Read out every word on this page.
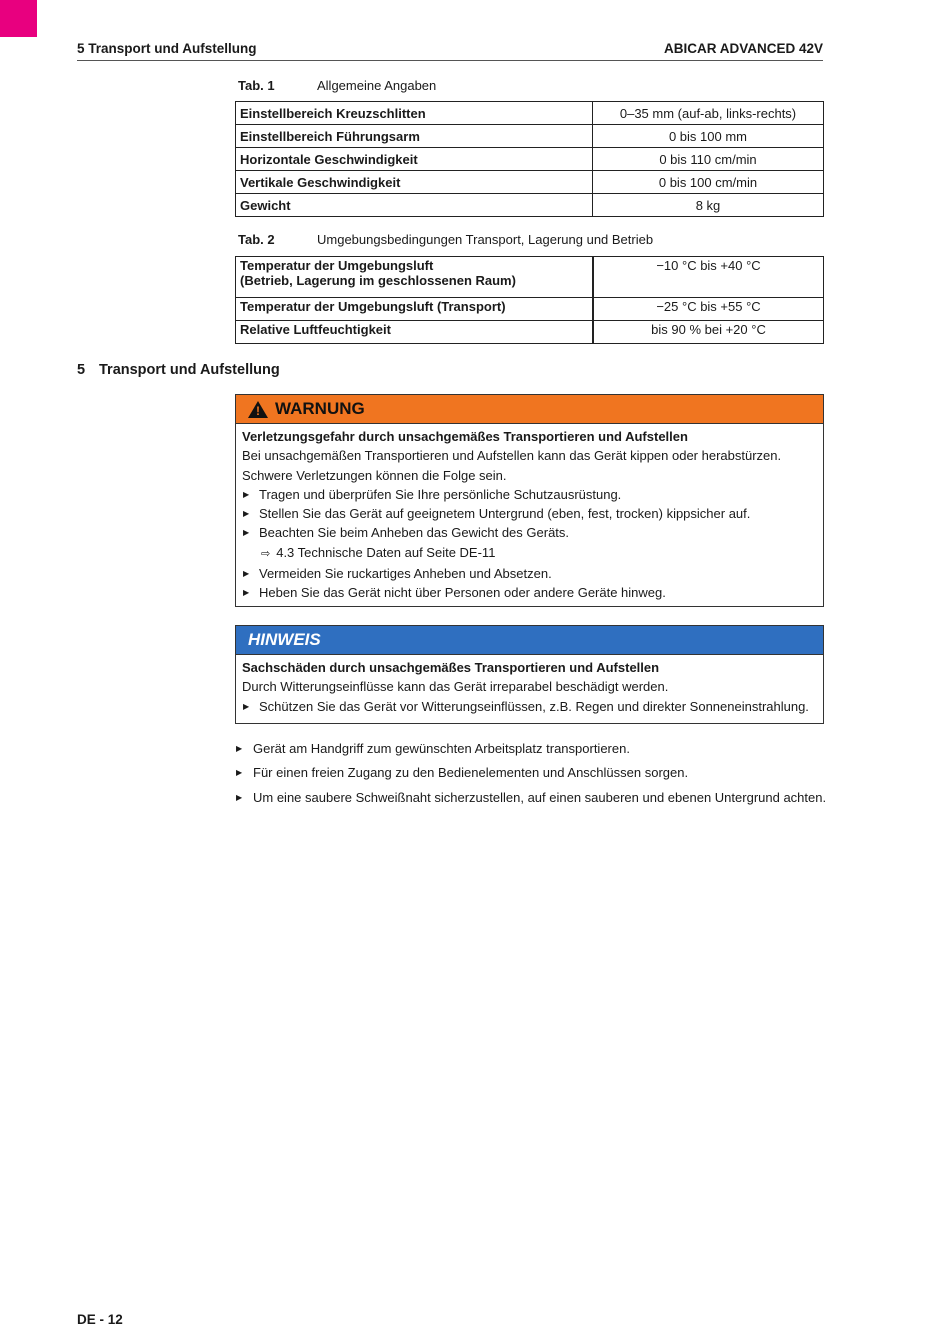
5 Transport und Aufstellung	ABICAR ADVANCED 42V
Tab. 1	Allgemeine Angaben
Einstellbereich Kreuzschlitten	0–35 mm (auf-ab, links-rechts)
Einstellbereich Führungsarm	0 bis 100 mm
Horizontale Geschwindigkeit	0 bis 110 cm/min
Vertikale Geschwindigkeit	0 bis 100 cm/min
Gewicht	8 kg
Tab. 2	Umgebungsbedingungen Transport, Lagerung und Betrieb
Temperatur der Umgebungsluft
(Betrieb, Lagerung im geschlossenen Raum)	−10 °C bis +40 °C
Temperatur der Umgebungsluft (Transport)	−25 °C bis +55 °C
Relative Luftfeuchtigkeit	bis 90 % bei +20 °C
5 Transport und Aufstellung
!
WARNUNG
Verletzungsgefahr durch unsachgemäßes Transportieren und Aufstellen
Bei unsachgemäßen Transportieren und Aufstellen kann das Gerät kippen oder herabstürzen. Schwere Verletzungen können die Folge sein.
▶ Tragen und überprüfen Sie Ihre persönliche Schutzausrüstung.
▶ Stellen Sie das Gerät auf geeignetem Untergrund (eben, fest, trocken) kippsicher auf.
▶ Beachten Sie beim Anheben das Gewicht des Geräts.
⇨ 4.3 Technische Daten auf Seite DE-11
▶ Vermeiden Sie ruckartiges Anheben und Absetzen.
▶ Heben Sie das Gerät nicht über Personen oder andere Geräte hinweg.
HINWEIS
Sachschäden durch unsachgemäßes Transportieren und Aufstellen
Durch Witterungseinflüsse kann das Gerät irreparabel beschädigt werden.
▶ Schützen Sie das Gerät vor Witterungseinflüssen, z.B. Regen und direkter Sonneneinstrahlung.
▶ Gerät am Handgriff zum gewünschten Arbeitsplatz transportieren.
▶ Für einen freien Zugang zu den Bedienelementen und Anschlüssen sorgen.
▶ Um eine saubere Schweißnaht sicherzustellen, auf einen sauberen und ebenen Untergrund achten.
DE - 12
